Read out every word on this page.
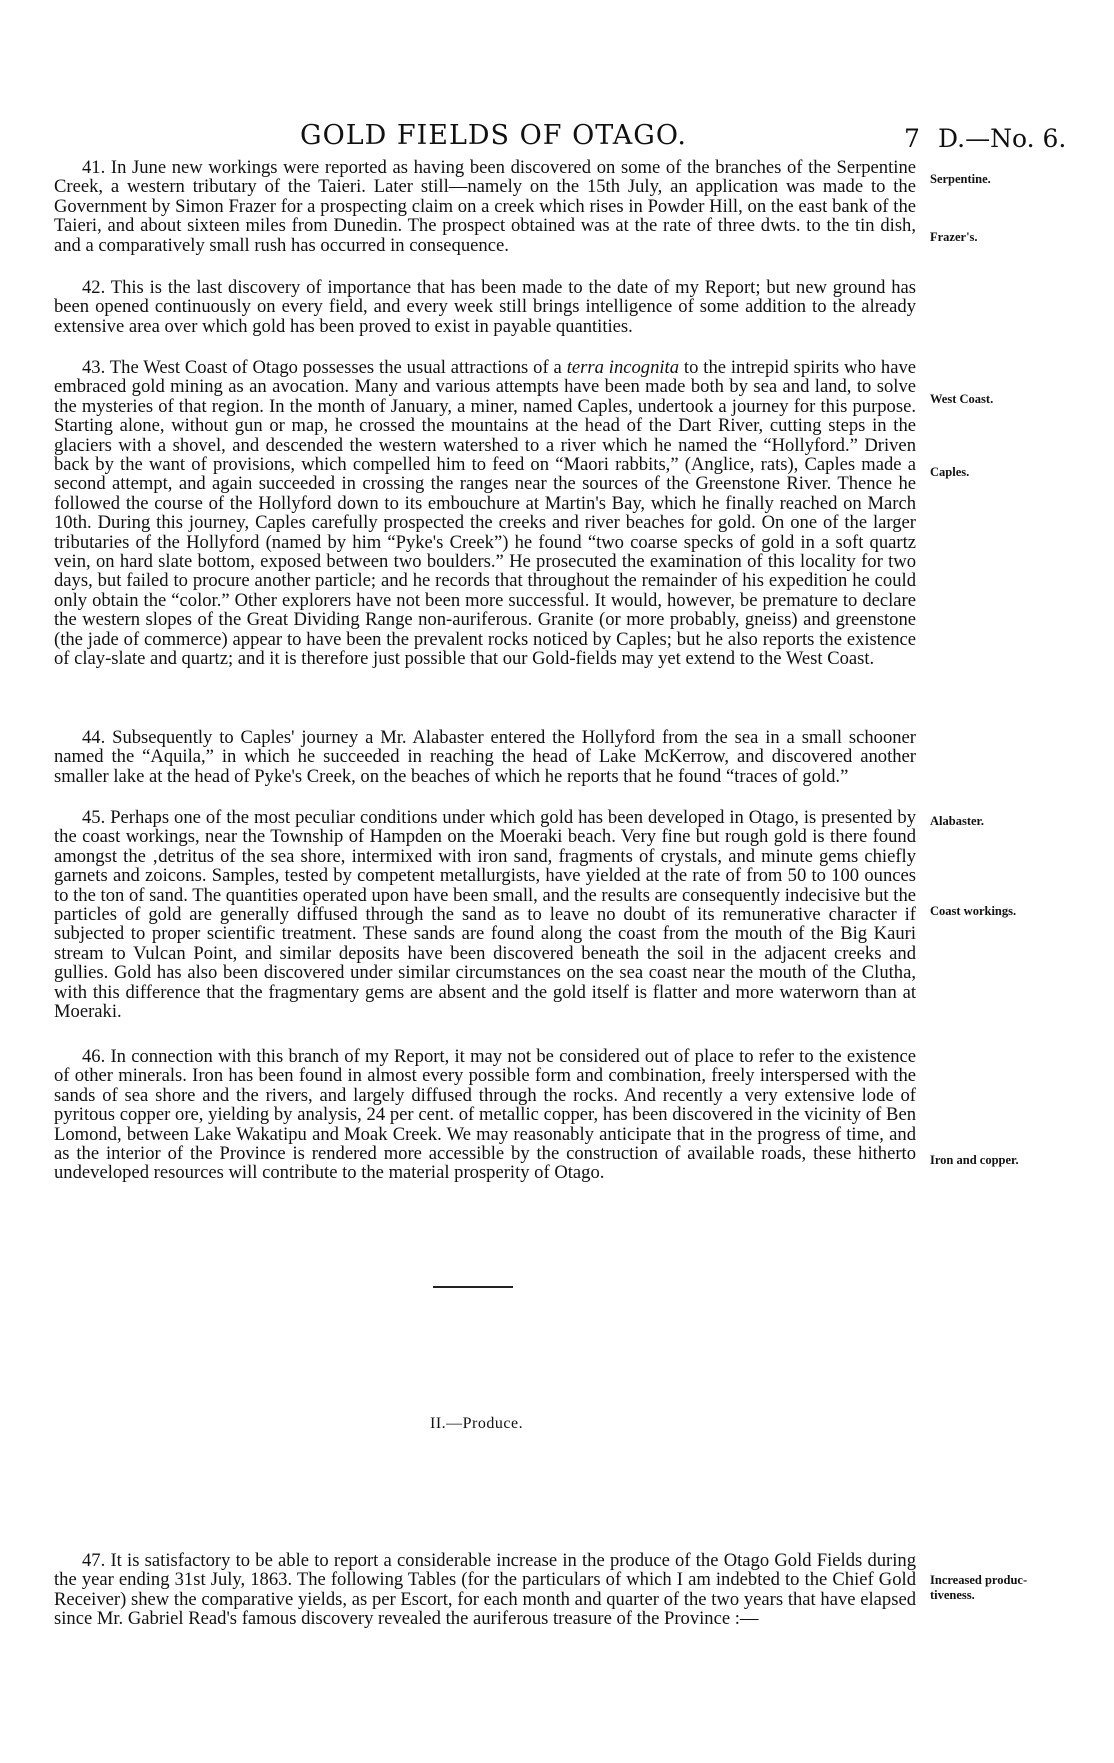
GOLD FIELDS OF OTAGO.	7 D.—No. 6.

41. In June new workings were reported as having been discovered on some of the branches of the Serpentine Creek, a western tributary of the Taieri. Later still—namely on the 15th July, an application was made to the Government by Simon Frazer for a prospecting claim on a creek which rises in Powder Hill, on the east bank of the Taieri, and about sixteen miles from Dunedin. The prospect obtained was at the rate of three dwts. to the tin dish, and a comparatively small rush has occurred in consequence.

42. This is the last discovery of importance that has been made to the date of my Report; but new ground has been opened continuously on every field, and every week still brings intelligence of some addition to the already extensive area over which gold has been proved to exist in payable quantities.

43. The West Coast of Otago possesses the usual attractions of a terra incognita to the intrepid spirits who have embraced gold mining as an avocation. Many and various attempts have been made both by sea and land, to solve the mysteries of that region. In the month of January, a miner, named Caples, undertook a journey for this purpose. Starting alone, without gun or map, he crossed the mountains at the head of the Dart River, cutting steps in the glaciers with a shovel, and descended the western watershed to a river which he named the “Hollyford.” Driven back by the want of provisions, which compelled him to feed on “Maori rabbits,” (Anglice, rats), Caples made a second attempt, and again succeeded in crossing the ranges near the sources of the Greenstone River. Thence he followed the course of the Hollyford down to its embouchure at Martin's Bay, which he finally reached on March 10th. During this journey, Caples carefully prospected the creeks and river beaches for gold. On one of the larger tributaries of the Hollyford (named by him “Pyke's Creek”) he found “two coarse specks of gold in a soft quartz vein, on hard slate bottom, exposed between two boulders.” He prosecuted the examination of this locality for two days, but failed to procure another particle; and he records that throughout the remainder of his expedition he could only obtain the “color.” Other explorers have not been more successful. It would, however, be premature to declare the western slopes of the Great Dividing Range non-auriferous. Granite (or more probably, gneiss) and greenstone (the jade of commerce) appear to have been the prevalent rocks noticed by Caples; but he also reports the existence of clay-slate and quartz; and it is therefore just possible that our Gold-fields may yet extend to the West Coast.

44. Subsequently to Caples' journey a Mr. Alabaster entered the Hollyford from the sea in a small schooner named the “Aquila,” in which he succeeded in reaching the head of Lake McKerrow, and discovered another smaller lake at the head of Pyke's Creek, on the beaches of which he reports that he found “traces of gold.”

45. Perhaps one of the most peculiar conditions under which gold has been developed in Otago, is presented by the coast workings, near the Township of Hampden on the Moeraki beach. Very fine but rough gold is there found amongst the ‚detritus of the sea shore, intermixed with iron sand, fragments of crystals, and minute gems chiefly garnets and zoicons. Samples, tested by competent metallurgists, have yielded at the rate of from 50 to 100 ounces to the ton of sand. The quantities operated upon have been small, and the results are consequently indecisive but the particles of gold are generally diffused through the sand as to leave no doubt of its remunerative character if subjected to proper scientific treatment. These sands are found along the coast from the mouth of the Big Kauri stream to Vulcan Point, and similar deposits have been discovered beneath the soil in the adjacent creeks and gullies. Gold has also been discovered under similar circumstances on the sea coast near the mouth of the Clutha, with this difference that the fragmentary gems are absent and the gold itself is flatter and more waterworn than at Moeraki.

46. In connection with this branch of my Report, it may not be considered out of place to refer to the existence of other minerals. Iron has been found in almost every possible form and combination, freely interspersed with the sands of sea shore and the rivers, and largely diffused through the rocks. And recently a very extensive lode of pyritous copper ore, yielding by analysis, 24 per cent. of metallic copper, has been discovered in the vicinity of Ben Lomond, between Lake Wakatipu and Moak Creek. We may reasonably anticipate that in the progress of time, and as the interior of the Province is rendered more accessible by the construction of available roads, these hitherto undeveloped resources will contribute to the material prosperity of Otago.

Serpentine.
Frazer's.
West Coast.
Caples.
Alabaster.
Coast workings.
Iron and copper.
II.—Produce.

47. It is satisfactory to be able to report a considerable increase in the produce of the Otago Gold Fields during the year ending 31st July, 1863. The following Tables (for the particulars of which I am indebted to the Chief Gold Receiver) shew the comparative yields, as per Escort, for each month and quarter of the two years that have elapsed since Mr. Gabriel Read's famous discovery revealed the auriferous treasure of the Province :—

Increased produc-
tiveness.
